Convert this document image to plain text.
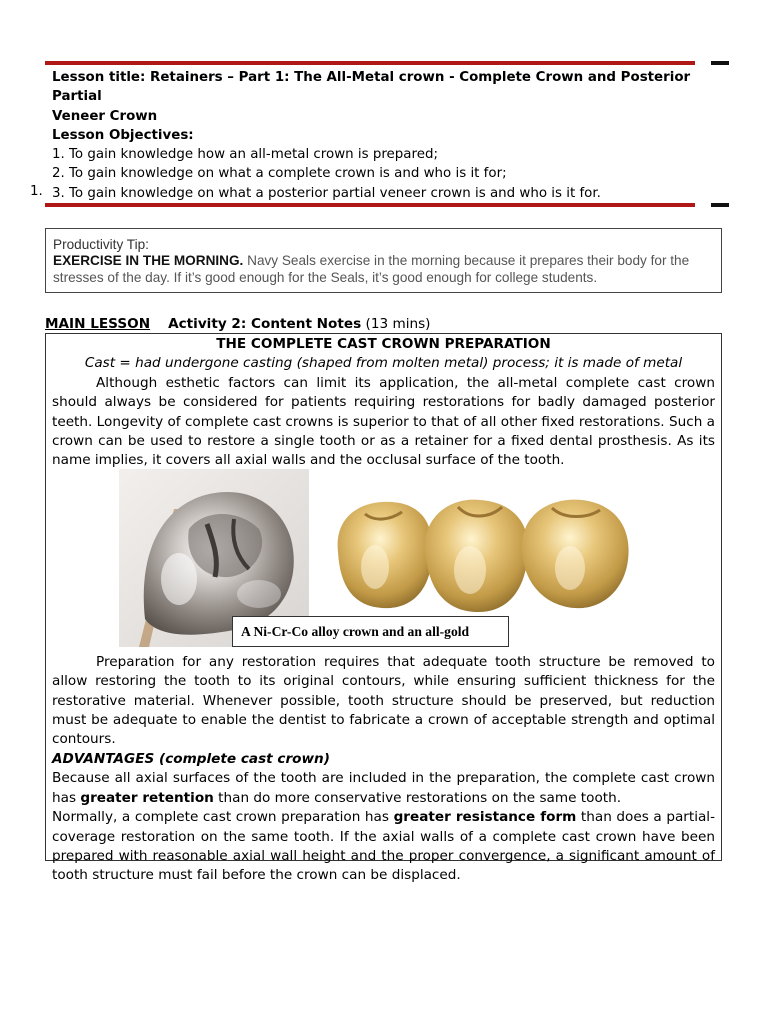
Lesson title: Retainers – Part 1: The All-Metal crown - Complete Crown and Posterior Partial
Veneer Crown
Lesson Objectives:
1. To gain knowledge how an all-metal crown is prepared;
2. To gain knowledge on what a complete crown is and who is it for;
3. To gain knowledge on what a posterior partial veneer crown is and who is it for.
1.
Productivity Tip:
EXERCISE IN THE MORNING. Navy Seals exercise in the morning because it prepares their body for the stresses of the day. If it’s good enough for the Seals, it’s good enough for college students.
MAIN LESSON Activity 2: Content Notes (13 mins)

THE COMPLETE CAST CROWN PREPARATION

Cast = had undergone casting (shaped from molten metal) process; it is made of metal

Although esthetic factors can limit its application, the all-metal complete cast crown should always be considered for patients requiring restorations for badly damaged posterior teeth. Longevity of complete cast crowns is superior to that of all other fixed restorations. Such a crown can be used to restore a single tooth or as a retainer for a fixed dental prosthesis. As its name implies, it covers all axial walls and the occlusal surface of the tooth.

A Ni-Cr-Co alloy crown and an all-gold

Preparation for any restoration requires that adequate tooth structure be removed to allow restoring the tooth to its original contours, while ensuring sufficient thickness for the restorative material. Whenever possible, tooth structure should be preserved, but reduction must be adequate to enable the dentist to fabricate a crown of acceptable strength and optimal contours.

ADVANTAGES (complete cast crown)

Because all axial surfaces of the tooth are included in the preparation, the complete cast crown has greater retention than do more conservative restorations on the same tooth.

Normally, a complete cast crown preparation has greater resistance form than does a partial-coverage restoration on the same tooth. If the axial walls of a complete cast crown have been prepared with reasonable axial wall height and the proper convergence, a significant amount of tooth structure must fail before the crown can be displaced.
